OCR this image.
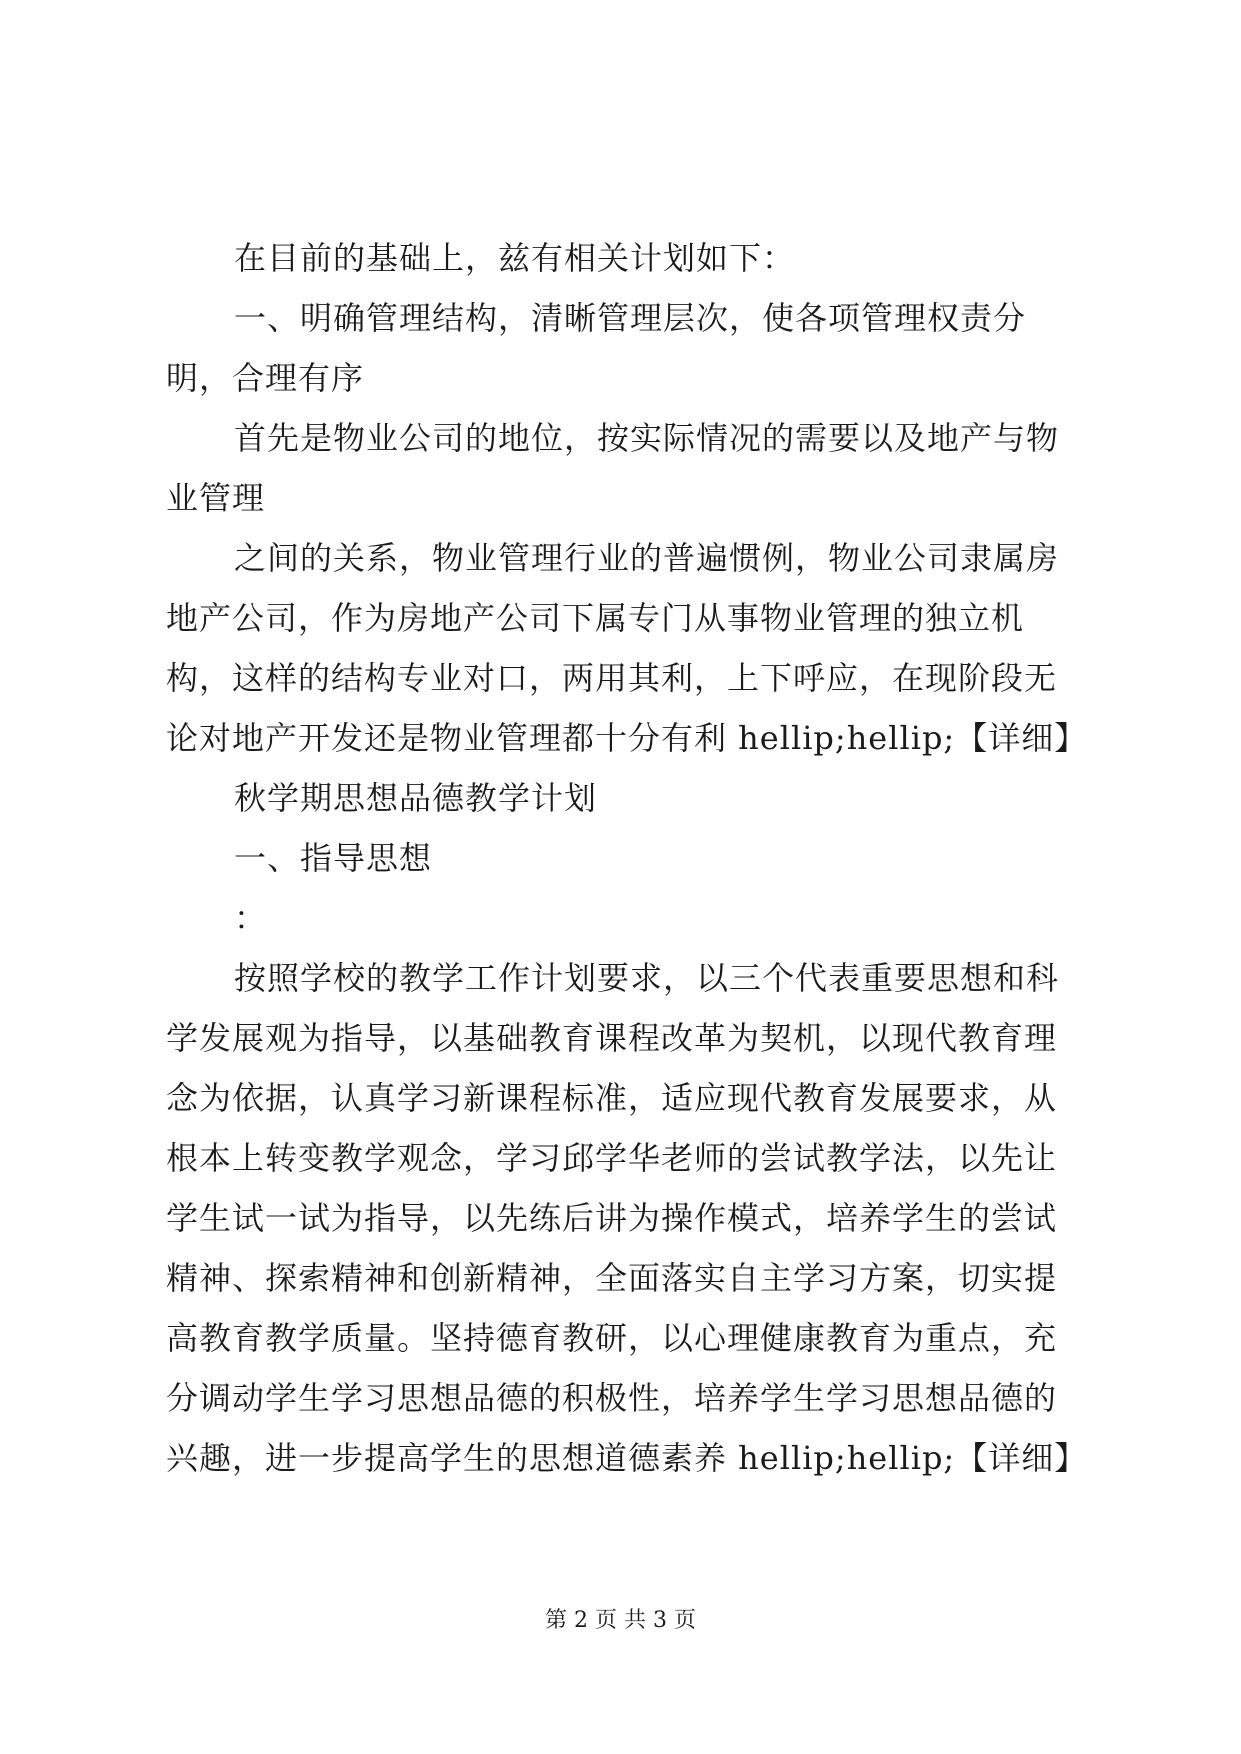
在目前的基础上，兹有相关计划如下：

一、明确管理结构，清晰管理层次，使各项管理权责分明，合理有序

首先是物业公司的地位，按实际情况的需要以及地产与物业管理

之间的关系，物业管理行业的普遍惯例，物业公司隶属房地产公司，作为房地产公司下属专门从事物业管理的独立机构，这样的结构专业对口，两用其利，上下呼应，在现阶段无论对地产开发还是物业管理都十分有利 hellip;hellip;【详细】

秋学期思想品德教学计划

一、指导思想

：

按照学校的教学工作计划要求，以三个代表重要思想和科学发展观为指导，以基础教育课程改革为契机，以现代教育理念为依据，认真学习新课程标准，适应现代教育发展要求，从根本上转变教学观念，学习邱学华老师的尝试教学法，以先让学生试一试为指导，以先练后讲为操作模式，培养学生的尝试精神、探索精神和创新精神，全面落实自主学习方案，切实提高教育教学质量。坚持德育教研，以心理健康教育为重点，充分调动学生学习思想品德的积极性，培养学生学习思想品德的兴趣，进一步提高学生的思想道德素养 hellip;hellip;【详细】

第 2 页 共 3 页
